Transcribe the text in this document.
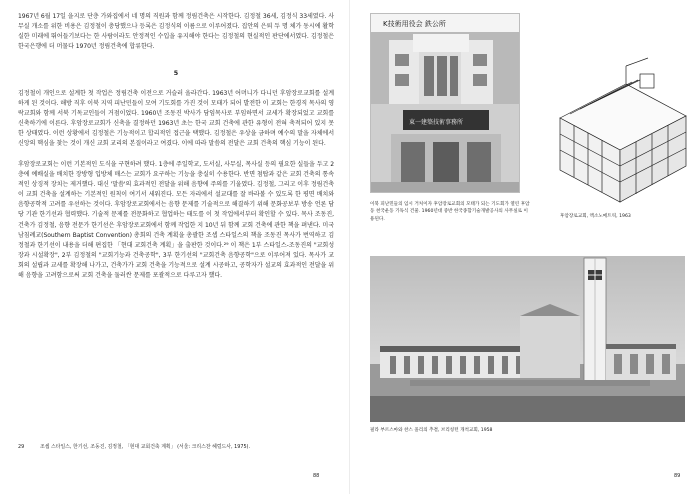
1967년 6월 17일 을지로 단층 가와집에서 네 명의 직원과 함께 정림건축은 시작한다. 김정철 36세, 김정식 33세였다. 사무실 개소를 위한 비용은 김정철이 충당했으나 등록은 김정식의 이름으로 이루어졌다. 집안의 은퇴 두 명 체가 동시에 활학실한 미래에 뛰어들기보다는 한 사람이라도 안정적인 수입을 유지해야 한다는 김정철의 현실적인 판단에서였다. 김정철은 한국은행에 더 머물다 1970년 정림건축에 합류한다.

5

김정철이 개인으로 설계한 첫 작업은 정림건축 이전으로 거슬러 올라간다. 1963년 어머니가 다니던 후암장로교회를 설계하게 된 것이다. 해방 직후 이북 지역 피난민들이 모여 기도회를 가진 것이 모태가 되어 발전한 이 교회는 한경직 목사의 영락교회와 함께 서북 기독교인들이 거점이었다. 1960년 조동진 박사가 담임목사로 부임하면서 교세가 확장되었고 교회를 신축하기에 이른다. 후암장로교회가 신축을 결정하던 1963년 초는 한국 교회 건축에 관한 유형이 전혀 축적되어 있지 못한 상태였다. 이런 상황에서 김정철은 기능적이고 합리적인 접근을 택했다. 김정철은 우상을 금하며 예수의 말을 자체에서 신앙의 핵심을 찾는 것이 개신 교회 교리의 본질이라고 여겼다. 이에 따라 말씀의 전달은 교회 건축의 핵심 기능이 된다.

후암장로교회는 이런 기본적인 도식을 구현하려 했다. 1층에 주일학교, 도서실, 사무실, 목사실 등의 필요한 실들을 두고 2층에 예배실을 배치한 장방형 입방체 매스는 교회가 요구하는 기능을 충실히 수용한다. 반면 첨탑과 같은 교회 건축의 통속적인 상징적 장치는 제거했다. 대신 '말씀'의 효과적인 전달을 위해 음향에 주의를 기울였다. 김정철, 그리고 이후 정림건축이 교회 건축을 설계하는 기본적인 원칙이 여기서 세워진다. 모든 자리에서 설교대를 잘 바라볼 수 있도록 한 평면 배치와 음향공학적 고려를 우선하는 것이다. 후암장로교회에서는 음향 문제를 기술적으로 해결하기 위해 문화공보부 방송 언론 담당 기관 한기선과 협력했다. 기술적 문제를 전문화하고 협업하는 태도를 이 첫 작업에서부터 확인할 수 있다. 목사 조동진, 건축가 김정철, 음향 전문가 한기선은 후암장로교회에서 함께 작업한 지 10년 뒤 함께 교회 건축에 관한 책을 펴낸다. 미국 남침례교(Southern Baptist Convention) 총회의 건축 계획을 총괄한 조셉 스타일스의 책을 조동진 목사가 번역하고 김정철과 한기선이 내용을 더해 편집한 「현대 교회건축 계획」을 출판한 것이다.²⁹ 이 책은 1부 스타일스-조동진의 "교회성장과 시설확장", 2부 김정철의 "교회기능과 건축공학", 3부 한기선의 "교회건축 음향공학"으로 이루어져 있다. 목사가 교회의 설립과 교세를 확장해 나가고, 건축가가 교회 건축을 기능적으로 설계 시공하고, 공학자가 설교의 효과적인 전달을 위해 음향을 고려함으로써 교회 건축을 둘러싼 문제를 포괄적으로 다루고자 했다.

29	조셉 스타일스, 한기선, 조동진, 김정철, 「현대 교회건축 계획」 (서울: 크리스찬 헤럴드사, 1975).
88
K技術用役会 鉄公所
東一建築技術事務所
이북 피난민들의 임시 거처이자 후암장로교회의 모태가 되는 기도회가 열린 후암동 천국운동 기독식 건물. 1960년대 중반 한국종합기술개발공사의 사무실로 이용된다.
후암장로교회, 액소노메트릭, 1963
필라 부르스마와 찬스 올리의 추결, 브리칭턴 개척교회, 1958
89
